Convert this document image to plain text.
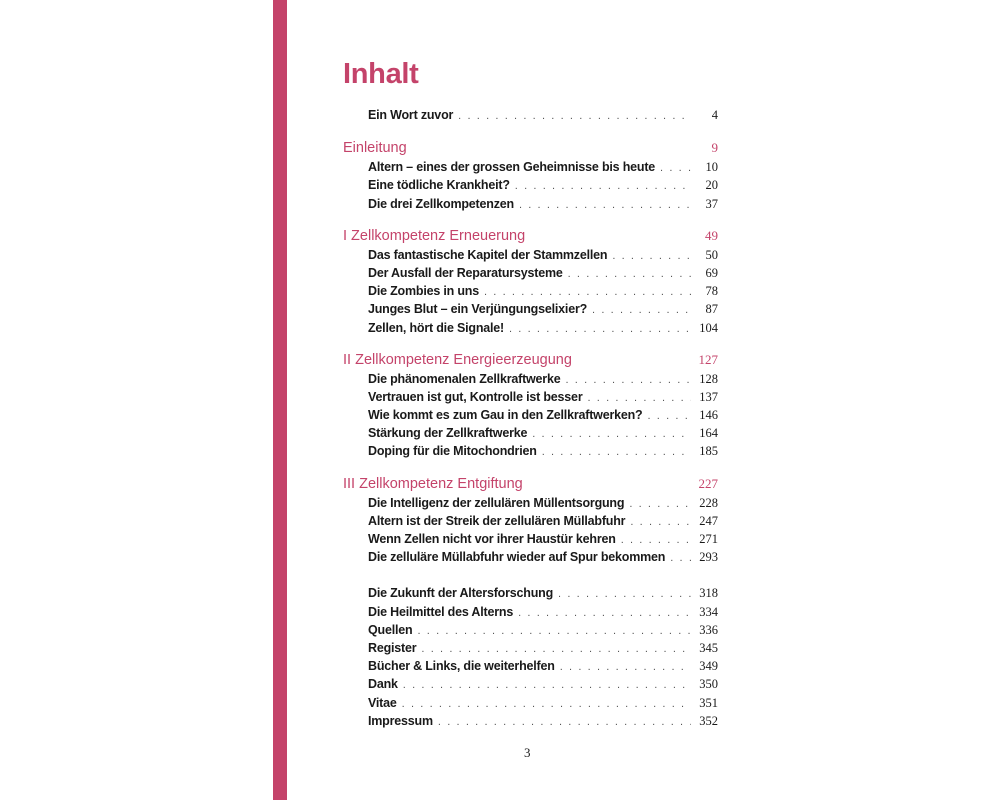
Inhalt
Ein Wort zuvor . . .	4
Einleitung	9
Altern – eines der grossen Geheimnisse bis heute . . .	10
Eine tödliche Krankheit? . . .	20
Die drei Zellkompetenzen . . .	37
I Zellkompetenz Erneuerung	49
Das fantastische Kapitel der Stammzellen . . .	50
Der Ausfall der Reparatursysteme . . .	69
Die Zombies in uns . . .	78
Junges Blut – ein Verjüngungselixier? . . .	87
Zellen, hört die Signale! . . .	104
II Zellkompetenz Energieerzeugung	127
Die phänomenalen Zellkraftwerke . . .	128
Vertrauen ist gut, Kontrolle ist besser . . .	137
Wie kommt es zum Gau in den Zellkraftwerken? . . .	146
Stärkung der Zellkraftwerke . . .	164
Doping für die Mitochondrien . . .	185
III Zellkompetenz Entgiftung	227
Die Intelligenz der zellulären Müllentsorgung . . .	228
Altern ist der Streik der zellulären Müllabfuhr . . .	247
Wenn Zellen nicht vor ihrer Haustür kehren . . .	271
Die zelluläre Müllabfuhr wieder auf Spur bekommen . . .	293
Die Zukunft der Altersforschung . . .	318
Die Heilmittel des Alterns . . .	334
Quellen . . .	336
Register . . .	345
Bücher & Links, die weiterhelfen . . .	349
Dank . . .	350
Vitae . . .	351
Impressum . . .	352
3
